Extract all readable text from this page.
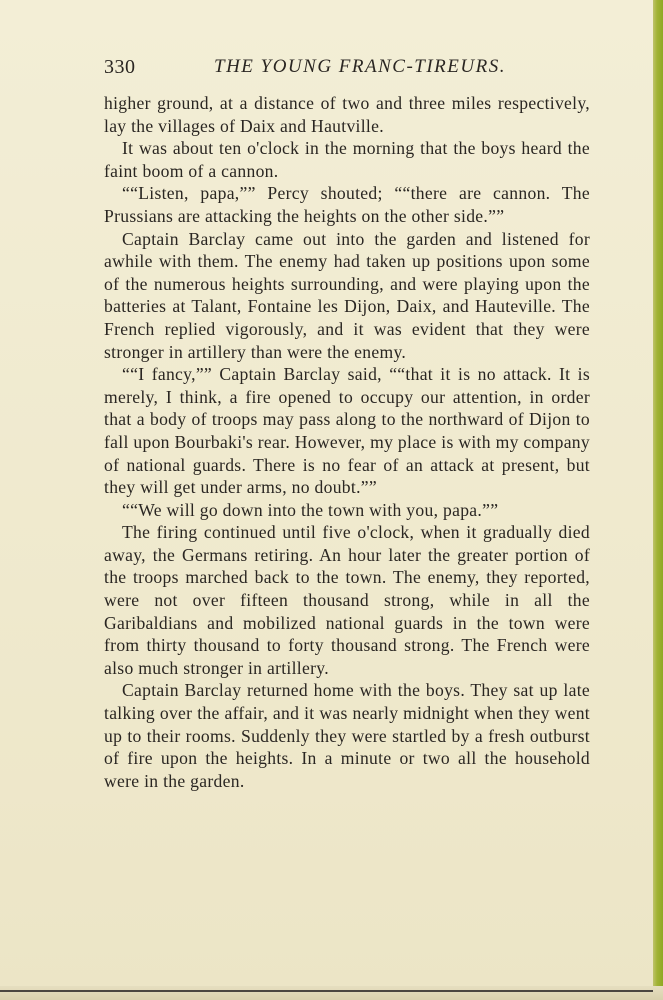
330	THE YOUNG FRANC-TIREURS.

higher ground, at a distance of two and three miles respectively, lay the villages of Daix and Hautville.

It was about ten o'clock in the morning that the boys heard the faint boom of a cannon.

““Listen, papa,”” Percy shouted; ““there are cannon. The Prussians are attacking the heights on the other side.””

Captain Barclay came out into the garden and listened for awhile with them. The enemy had taken up positions upon some of the numerous heights surrounding, and were playing upon the batteries at Talant, Fontaine les Dijon, Daix, and Hauteville. The French replied vigorously, and it was evident that they were stronger in artillery than were the enemy.

““I fancy,”” Captain Barclay said, ““that it is no attack. It is merely, I think, a fire opened to occupy our attention, in order that a body of troops may pass along to the northward of Dijon to fall upon Bourbaki's rear. However, my place is with my company of national guards. There is no fear of an attack at present, but they will get under arms, no doubt.””

““We will go down into the town with you, papa.””

The firing continued until five o'clock, when it gradually died away, the Germans retiring. An hour later the greater portion of the troops marched back to the town. The enemy, they reported, were not over fifteen thousand strong, while in all the Garibaldians and mobilized national guards in the town were from thirty thousand to forty thousand strong. The French were also much stronger in artillery.

Captain Barclay returned home with the boys. They sat up late talking over the affair, and it was nearly midnight when they went up to their rooms. Suddenly they were startled by a fresh outburst of fire upon the heights. In a minute or two all the household were in the garden.
